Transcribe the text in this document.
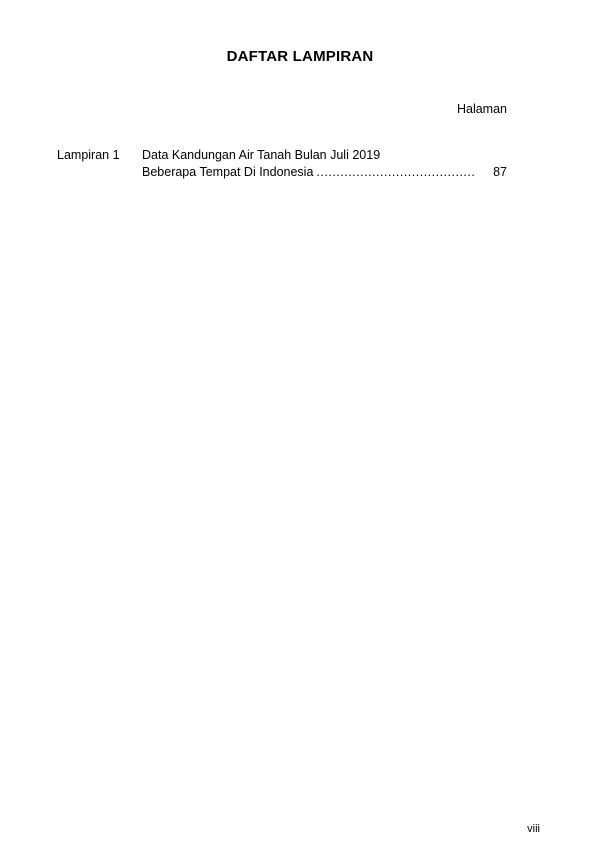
DAFTAR LAMPIRAN
Halaman
Lampiran 1 Data Kandungan Air Tanah Bulan Juli 2019
Beberapa Tempat Di Indonesia
.....	87
viii
